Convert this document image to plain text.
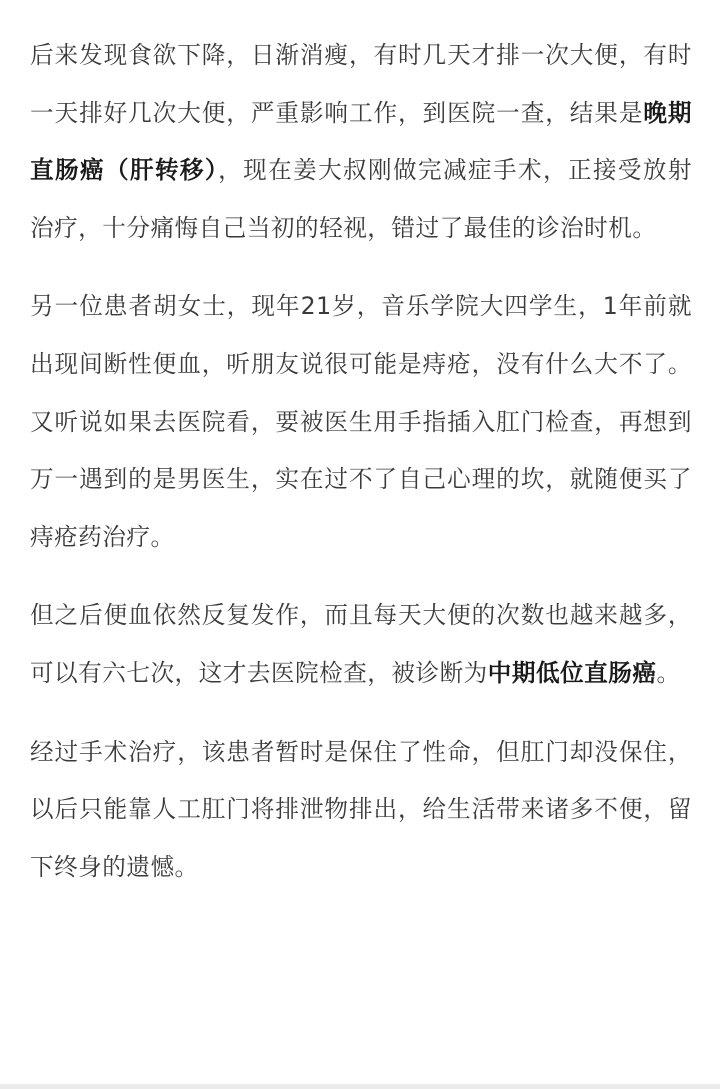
后来发现食欲下降，日渐消瘦，有时几天才排一次大便，有时一天排好几次大便，严重影响工作，到医院一查，结果是晚期直肠癌（肝转移），现在姜大叔刚做完减症手术，正接受放射治疗，十分痛悔自己当初的轻视，错过了最佳的诊治时机。

另一位患者胡女士，现年21岁，音乐学院大四学生，1年前就出现间断性便血，听朋友说很可能是痔疮，没有什么大不了。又听说如果去医院看，要被医生用手指插入肛门检查，再想到万一遇到的是男医生，实在过不了自己心理的坎，就随便买了痔疮药治疗。

但之后便血依然反复发作，而且每天大便的次数也越来越多，可以有六七次，这才去医院检查，被诊断为中期低位直肠癌。

经过手术治疗，该患者暂时是保住了性命，但肛门却没保住，以后只能靠人工肛门将排泄物排出，给生活带来诸多不便，留下终身的遗憾。
